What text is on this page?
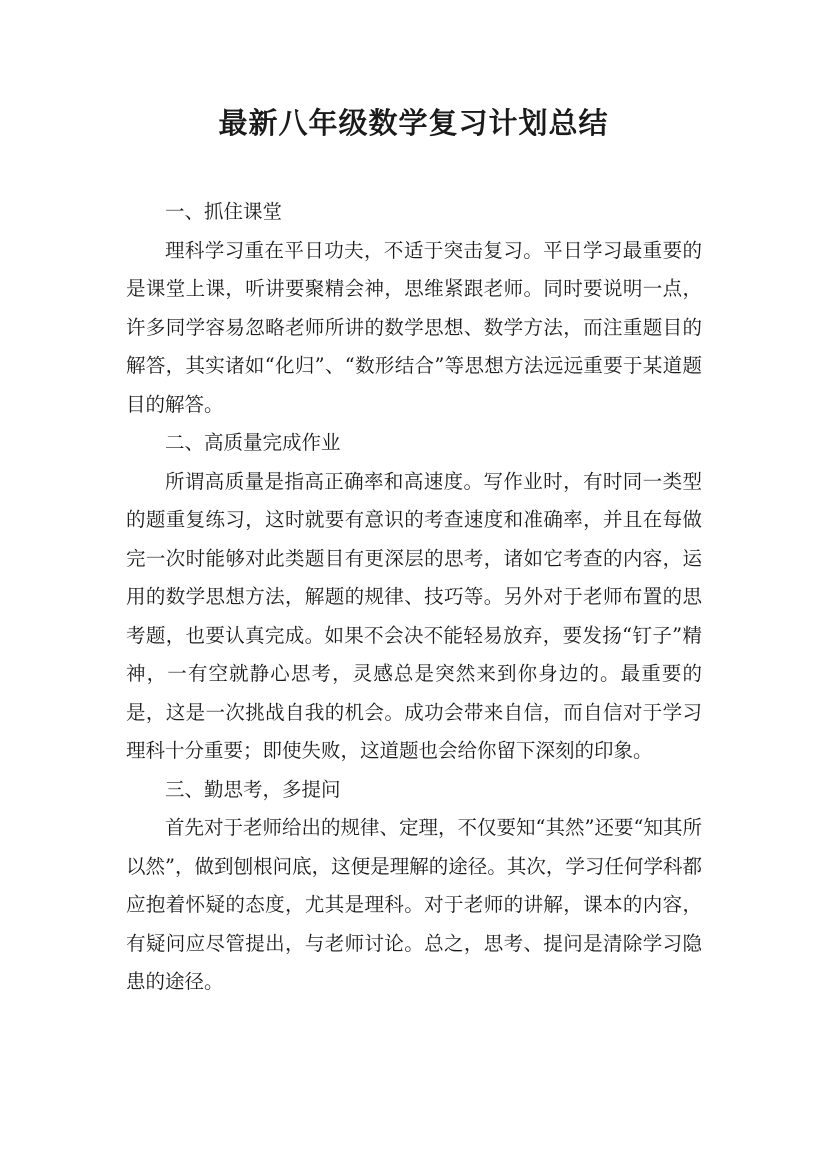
最新八年级数学复习计划总结
一、抓住课堂

理科学习重在平日功夫，不适于突击复习。平日学习最重要的是课堂上课，听讲要聚精会神，思维紧跟老师。同时要说明一点，许多同学容易忽略老师所讲的数学思想、数学方法，而注重题目的解答，其实诸如“化归”、“数形结合”等思想方法远远重要于某道题目的解答。

二、高质量完成作业

所谓高质量是指高正确率和高速度。写作业时，有时同一类型的题重复练习，这时就要有意识的考查速度和准确率，并且在每做完一次时能够对此类题目有更深层的思考，诸如它考查的内容，运用的数学思想方法，解题的规律、技巧等。另外对于老师布置的思考题，也要认真完成。如果不会决不能轻易放弃，要发扬“钉子”精神，一有空就静心思考，灵感总是突然来到你身边的。最重要的是，这是一次挑战自我的机会。成功会带来自信，而自信对于学习理科十分重要；即使失败，这道题也会给你留下深刻的印象。

三、勤思考，多提问

首先对于老师给出的规律、定理，不仅要知“其然”还要“知其所以然”，做到刨根问底，这便是理解的途径。其次，学习任何学科都应抱着怀疑的态度，尤其是理科。对于老师的讲解，课本的内容，有疑问应尽管提出，与老师讨论。总之，思考、提问是清除学习隐患的途径。
